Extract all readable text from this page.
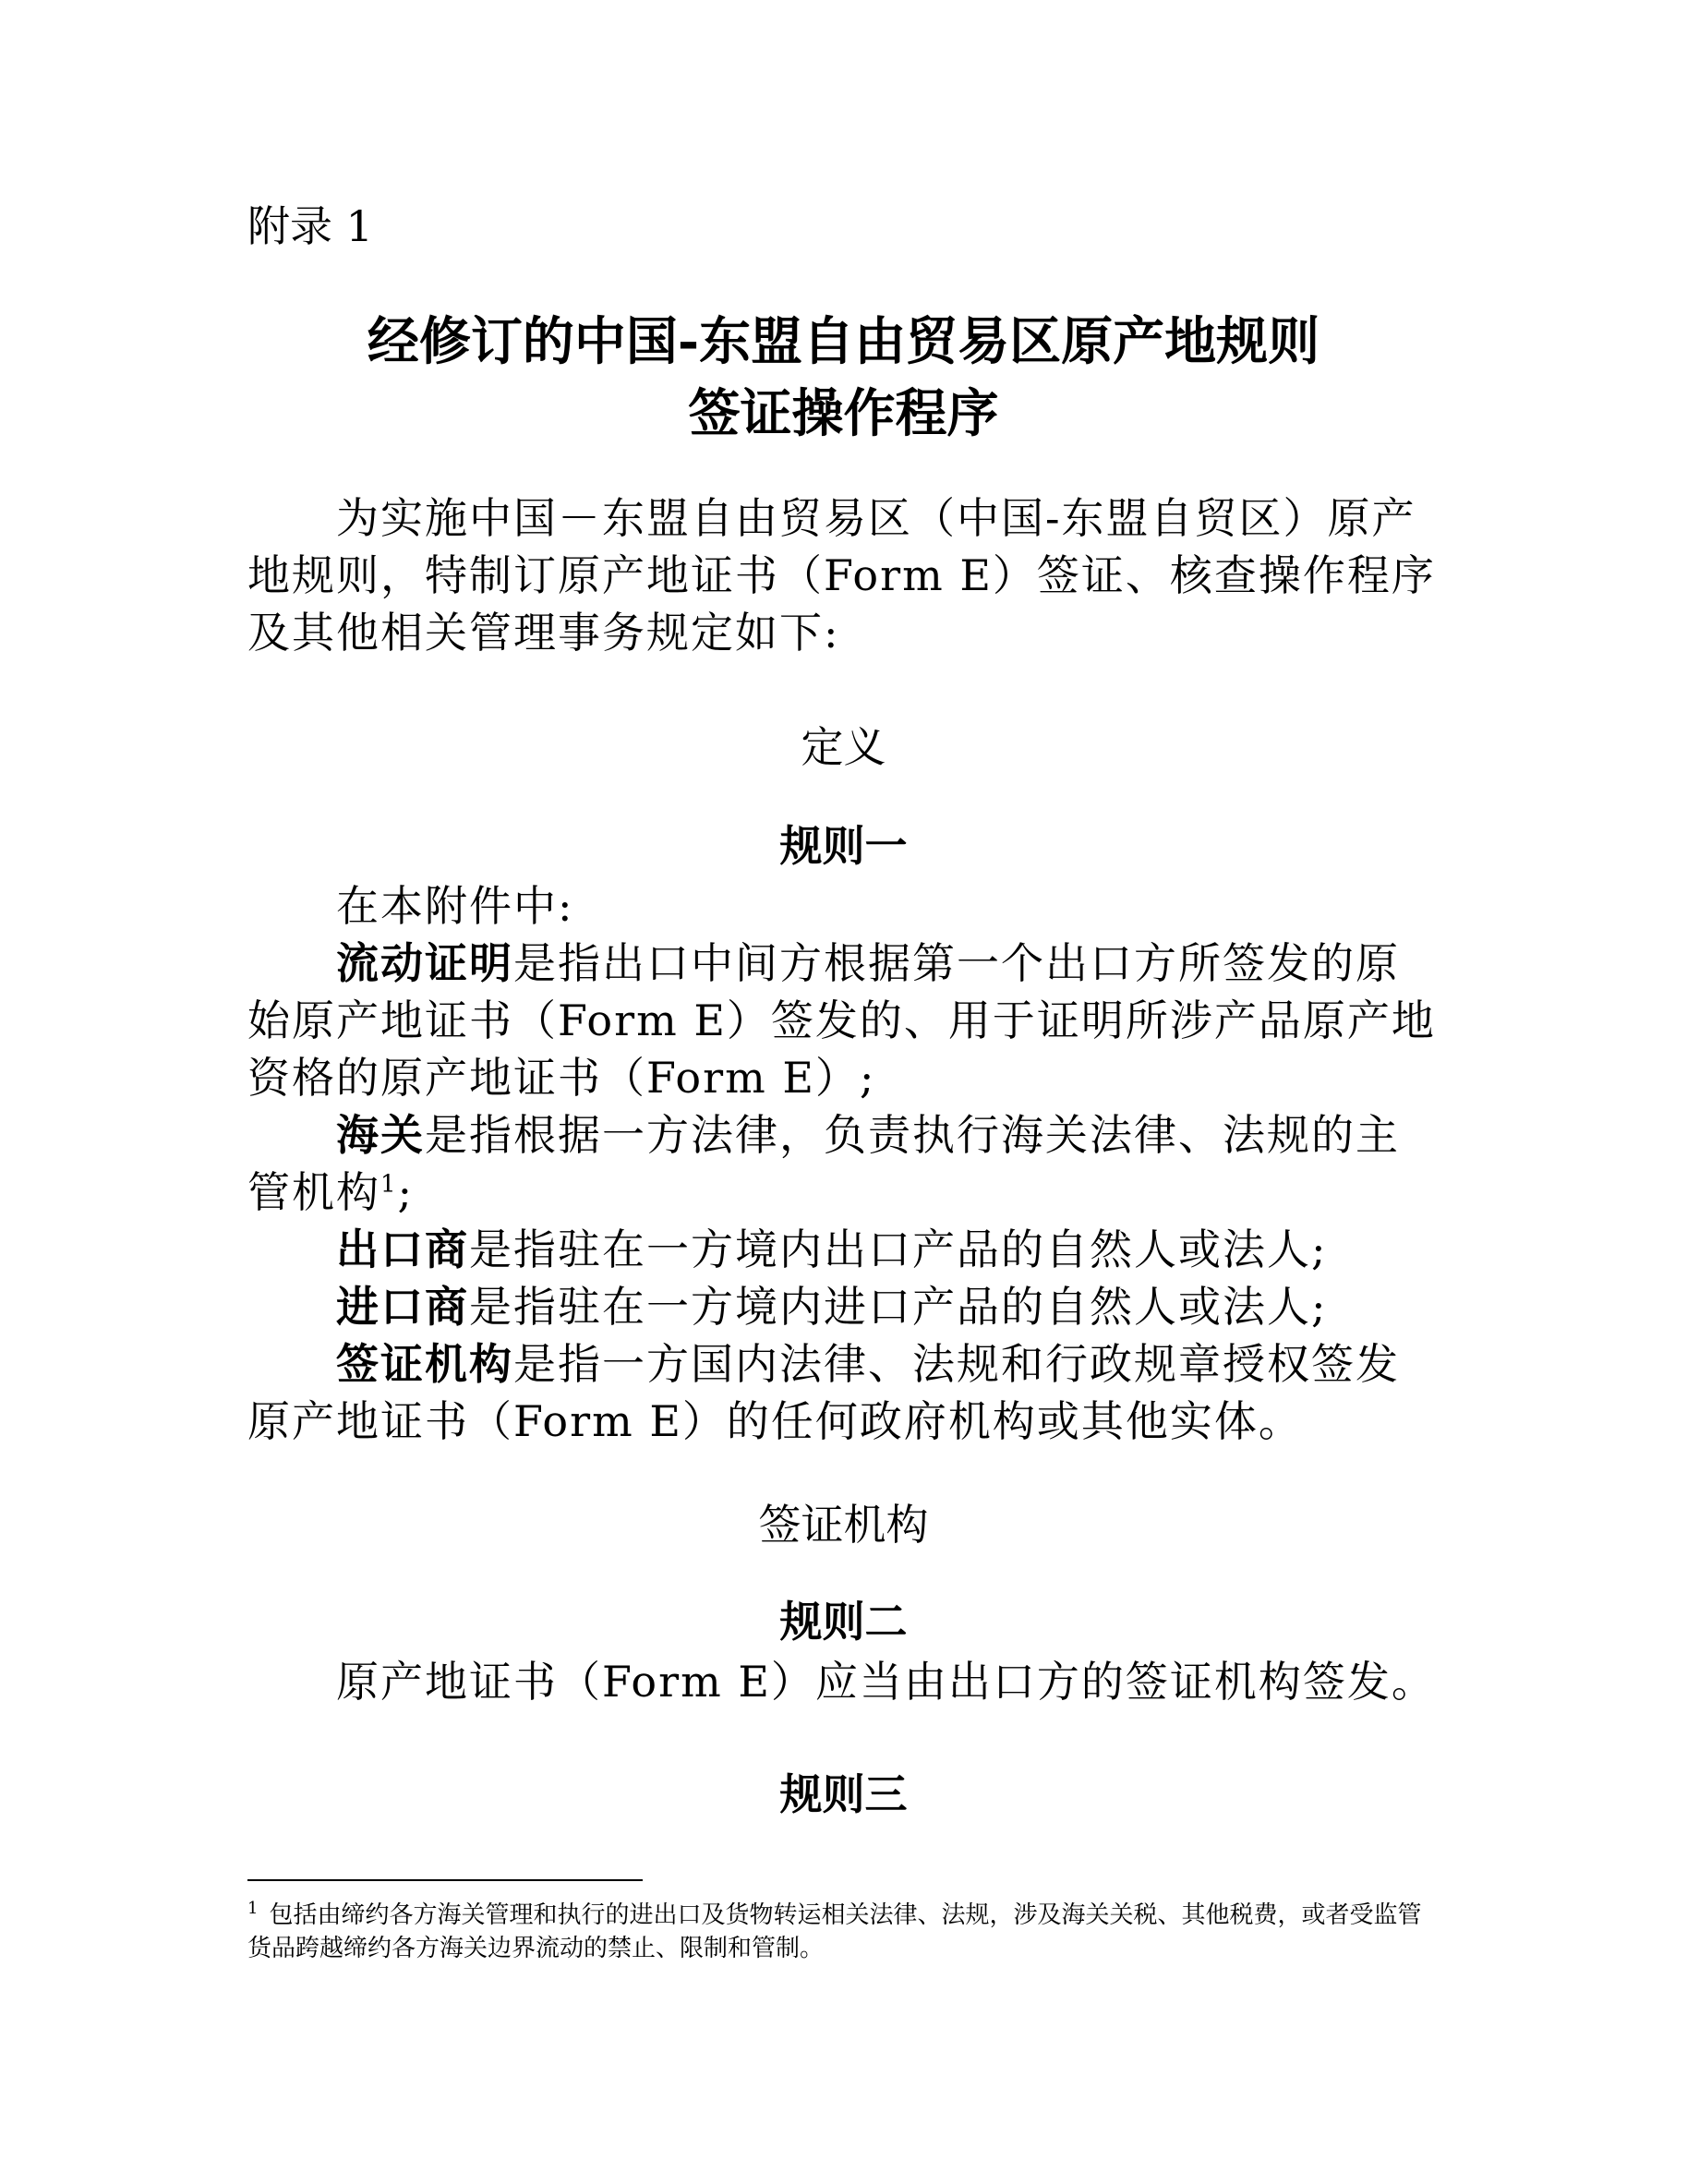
附录 1

经修订的中国-东盟自由贸易区原产地规则
签证操作程序

为实施中国－东盟自由贸易区（中国-东盟自贸区）原产地规则，特制订原产地证书（Form E）签证、核查操作程序及其他相关管理事务规定如下:

定义

规则一

在本附件中:

流动证明是指出口中间方根据第一个出口方所签发的原始原产地证书（Form E）签发的、用于证明所涉产品原产地资格的原产地证书（Form E）;

海关是指根据一方法律，负责执行海关法律、法规的主管机构$^1$;

出口商是指驻在一方境内出口产品的自然人或法人;

进口商是指驻在一方境内进口产品的自然人或法人;

签证机构是指一方国内法律、法规和行政规章授权签发原产地证书（Form E）的任何政府机构或其他实体。

签证机构

规则二

原产地证书（Form E）应当由出口方的签证机构签发。

规则三

$^1$ 包括由缔约各方海关管理和执行的进出口及货物转运相关法律、法规，涉及海关关税、其他税费，或者受监管货品跨越缔约各方海关边界流动的禁止、限制和管制。
